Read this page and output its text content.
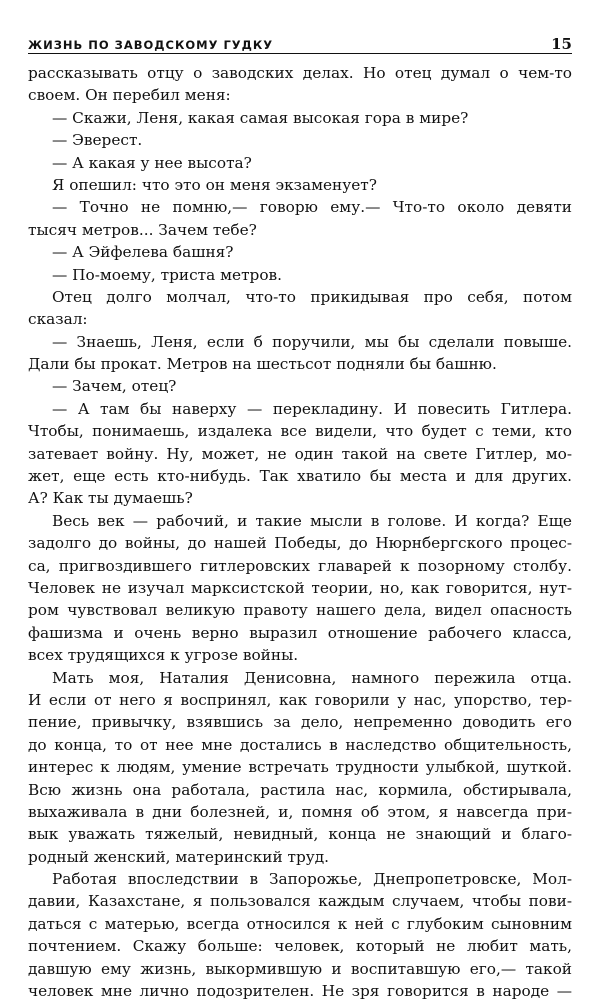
ЖИЗНЬ ПО ЗАВОДСКОМУ ГУДКУ	15
рассказывать отцу о заводских делах. Но отец думал о чем-то
своем. Он перебил меня:
— Скажи, Леня, какая самая высокая гора в мире?
— Эверест.
— А какая у нее высота?
Я опешил: что это он меня экзаменует?
— Точно не помню,— говорю ему.— Что-то около девяти
тысяч метров... Зачем тебе?
— А Эйфелева башня?
— По-моему, триста метров.
Отец долго молчал, что-то прикидывая про себя, потом
сказал:
— Знаешь, Леня, если б поручили, мы бы сделали повыше.
Дали бы прокат. Метров на шестьсот подняли бы башню.
— Зачем, отец?
— А там бы наверху — перекладину. И повесить Гитлера.
Чтобы, понимаешь, издалека все видели, что будет с теми, кто
затевает войну. Ну, может, не один такой на свете Гитлер, мо-
жет, еще есть кто-нибудь. Так хватило бы места и для других.
А? Как ты думаешь?
Весь век — рабочий, и такие мысли в голове. И когда? Еще
задолго до войны, до нашей Победы, до Нюрнбергского процес-
са, пригвоздившего гитлеровских главарей к позорному столбу.
Человек не изучал марксистской теории, но, как говорится, нут-
ром чувствовал великую правоту нашего дела, видел опасность
фашизма и очень верно выразил отношение рабочего класса,
всех трудящихся к угрозе войны.
Мать моя, Наталия Денисовна, намного пережила отца.
И если от него я воспринял, как говорили у нас, упорство, тер-
пение, привычку, взявшись за дело, непременно доводить его
до конца, то от нее мне достались в наследство общительность,
интерес к людям, умение встречать трудности улыбкой, шуткой.
Всю жизнь она работала, растила нас, кормила, обстирывала,
выхаживала в дни болезней, и, помня об этом, я навсегда при-
вык уважать тяжелый, невидный, конца не знающий и благо-
родный женский, материнский труд.
Работая впоследствии в Запорожье, Днепропетровске, Мол-
давии, Казахстане, я пользовался каждым случаем, чтобы пови-
даться с матерью, всегда относился к ней с глубоким сыновним
почтением. Скажу больше: человек, который не любит мать,
давшую ему жизнь, выкормившую и воспитавшую его,— такой
человек мне лично подозрителен. Не зря говорится в народе —
